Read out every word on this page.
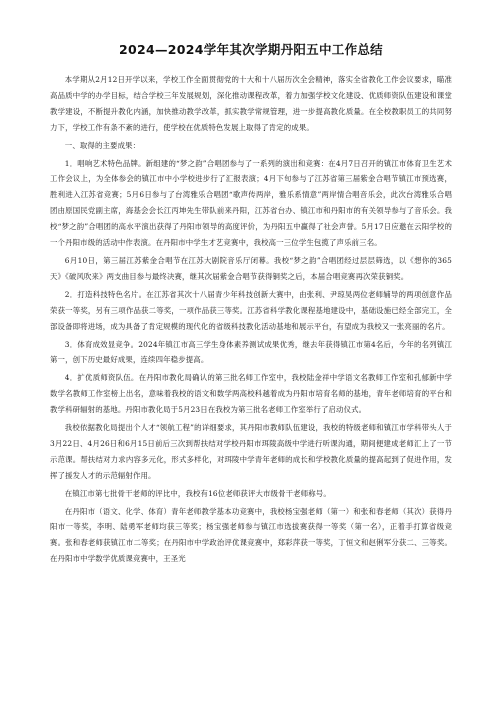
2024—2024学年其次学期丹阳五中工作总结

本学期从2月12日开学以来，学校工作全面贯彻党的十大和十八届历次全会精神，落实全省教化工作会议要求，瞄准高品质中学的办学目标，结合学校三年发展规划，深化推动课程改革，着力加强学校文化建设、优质师资队伍建设和课堂教学建设，不断提升教化内涵，加快推动教学改革，抓实教学常规管理，进一步提高教化质量。在全校教职员工的共同努力下，学校工作有条不紊的进行，使学校在优质特色发展上取得了肯定的成果。

一、取得的主要成果：

1．唱响艺术特色品牌。新组建的“梦之韵”合唱团参与了一系列的演出和竞赛：在4月7日召开的镇江市体育卫生艺术工作会议上，为全体参会的镇江市中小学校进步行了汇报表演；4月下旬参与了江苏省第三届紫金合唱节镇江市预选赛，胜利进入江苏省竞赛；5月6日参与了台湾雅乐合唱团“歌声传两岸，雅乐系情意”两岸情合唱音乐会，此次台湾雅乐合唱团由原国民党副主席，海基会会长江丙坤先生带队前来丹阳，江苏省台办、镇江市和丹阳市的有关领导参与了音乐会。我校“梦之韵”合唱团的高水平演出获得了丹阳市领导的高度评价，为丹阳五中赢得了社会声誉。5月17日应邀在云阳学校的一个丹阳市级的活动中作表演。在丹阳市中学生才艺竞赛中，我校高一三位学生包揽了声乐前三名。

6月10日，第三届江苏紫金合唱节在江苏大剧院音乐厅闭幕。我校“梦之韵”合唱团经过层层筛选，以《想你的365天》《破风吹来》两支曲目参与最终决赛，继其次届紫金合唱节获得铜奖之后，本届合唱竞赛再次荣获铜奖。

2．打造科技特色名片。在江苏省其次十八届青少年科技创新大赛中，由张利、尹琼昊两位老师辅导的两项创意作品荣获一等奖，另有三项作品获二等奖，一项作品获三等奖。江苏省科学教化课程基地建设中，基础设施已经全部完工，全部设备即将进场，成为具备了肯定规模的现代化的省级科技教化活动基地和展示平台，有望成为我校又一张亮丽的名片。

3．体育成效显竞争。2024年镇江市高三学生身体素养测试成果优秀，继去年获得镇江市第4名后，今年的名列镇江第一，创下历史最好成果，连续四年稳步提高。

4．扩优质师资队伍。在丹阳市教化局确认的第三批名师工作室中，我校陆金祥中学语文名教师工作室和孔郁新中学数学名教师工作室榜上出名，意味着我校的语文和数学两高校科越着成为丹阳市培育名师的基地，青年老师培育的平台和教学科研辐射的基地。丹阳市教化局于5月23日在我校为第三批名老师工作室举行了启动仪式。

我校依据教化局提出个人才“领航工程”的详细要求，其丹阳市教师队伍建设，我校的特级老师和镇江市学科带头人于3月22日、4月26日和6月15日前后三次到帮扶结对学校丹阳市珥陵高级中学进行听课沟通，期间便建成老师汇上了一节示范课。帮扶结对力求内容多元化，形式多样化，对珥陵中学青年老师的成长和学校教化质量的提高起到了促进作用，发挥了援发人才的示范辐射作用。

在镇江市第七批骨干老师的评比中，我校有16位老师获评大市级骨干老师称号。

在丹阳市（语文、化学、体育）青年老师教学基本功竞赛中，我校杨宝强老师（第一）和张和春老师（其次）获得丹阳市一等奖，李明、陆勇军老师均获三等奖；杨宝强老师参与镇江市选拔赛获得一等奖（第一名），正着手打算省级竞赛。张和春老师获镇江市二等奖；在丹阳市中学政治评优课竞赛中，郑彩萍获一等奖，丁恒文和赵俐军分获二、三等奖。在丹阳市中学数学优质课竞赛中，王圣光
